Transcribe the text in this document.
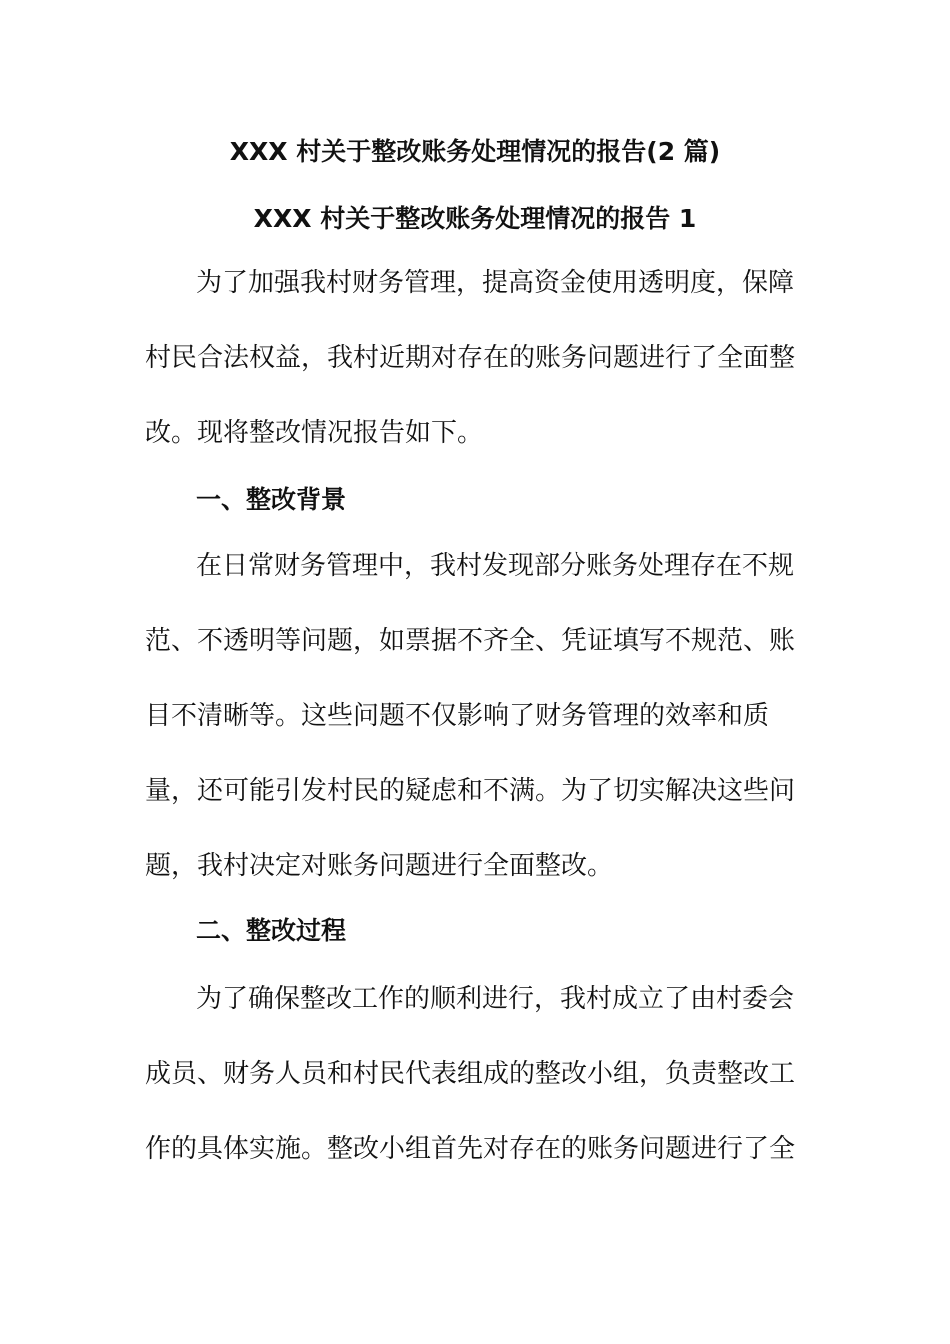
XXX 村关于整改账务处理情况的报告(2 篇)
XXX 村关于整改账务处理情况的报告 1
为了加强我村财务管理，提高资金使用透明度，保障
村民合法权益，我村近期对存在的账务问题进行了全面整
改。现将整改情况报告如下。
一、整改背景
在日常财务管理中，我村发现部分账务处理存在不规
范、不透明等问题，如票据不齐全、凭证填写不规范、账
目不清晰等。这些问题不仅影响了财务管理的效率和质
量，还可能引发村民的疑虑和不满。为了切实解决这些问
题，我村决定对账务问题进行全面整改。
二、整改过程
为了确保整改工作的顺利进行，我村成立了由村委会
成员、财务人员和村民代表组成的整改小组，负责整改工
作的具体实施。整改小组首先对存在的账务问题进行了全
